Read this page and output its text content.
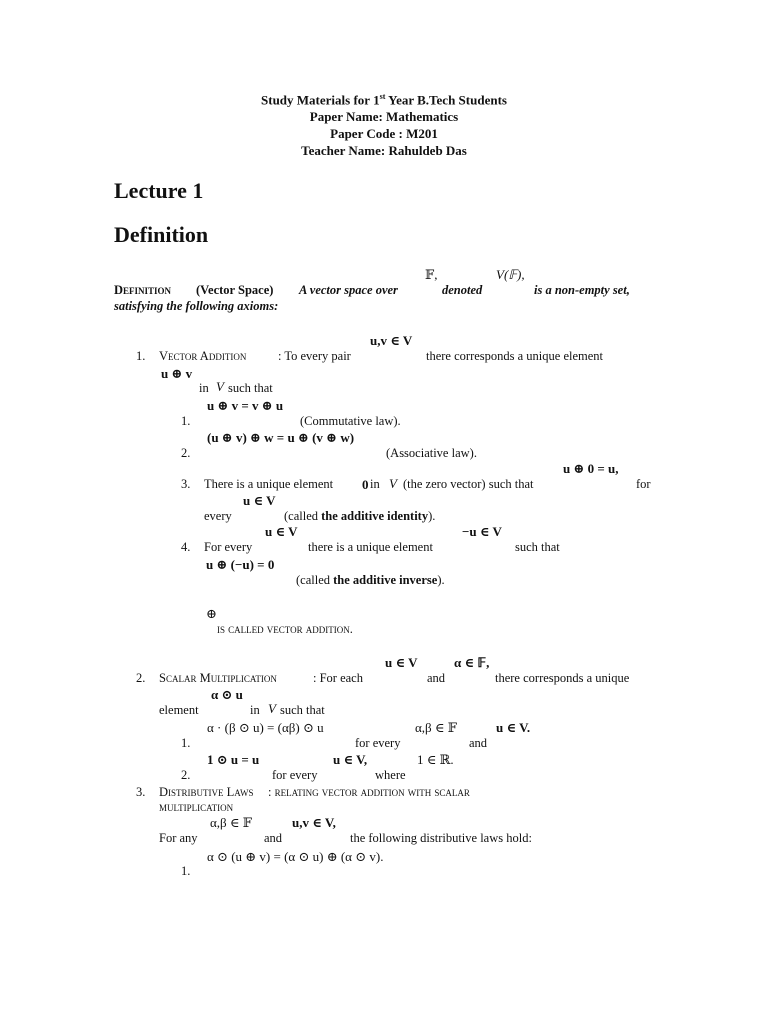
Study Materials for 1st Year B.Tech Students
Paper Name: Mathematics
Paper Code : M201
Teacher Name: Rahuldeb Das
Lecture 1
Definition
Definition (Vector Space) A vector space over
𝔽,
denoted
V(𝔽),
is a non-empty set,
satisfying the following axioms:
1. Vector Addition	: To every pair
u,v ∈ V
there corresponds a unique element
u ⊕ v
in V such that
1.
u ⊕ v = v ⊕ u
(Commutative law).
2.
(u ⊕ v) ⊕ w = u ⊕ (v ⊕ w)
(Associative law).
3. There is a unique element 0 in V (the zero vector) such that
u ⊕ 0 = u,
for
u ∈ V
every	(called the additive identity).
4. For every
u ∈ V
there is a unique element
−u ∈ V
such that
u ⊕ (−u) = 0
(called the additive inverse).
⊕
is called vector addition.
2. Scalar Multiplication	: For each
u ∈ V
and
α ∈ 𝔽,
there corresponds a unique
α ⊙ u
element	in V such that
1.
α · (β ⊙ u) = (αβ) ⊙ u
for every
α,β ∈ 𝔽
and
u ∈ V.
2.
1 ⊙ u = u
for every
u ∈ V,
where
1 ∈ ℝ.
3. Distributive Laws : relating vector addition with scalar
multiplication
α,β ∈ 𝔽	u,v ∈ V,
For any	and	the following distributive laws hold:
1.
α ⊙ (u ⊕ v) = (α ⊙ u) ⊕ (α ⊙ v).
